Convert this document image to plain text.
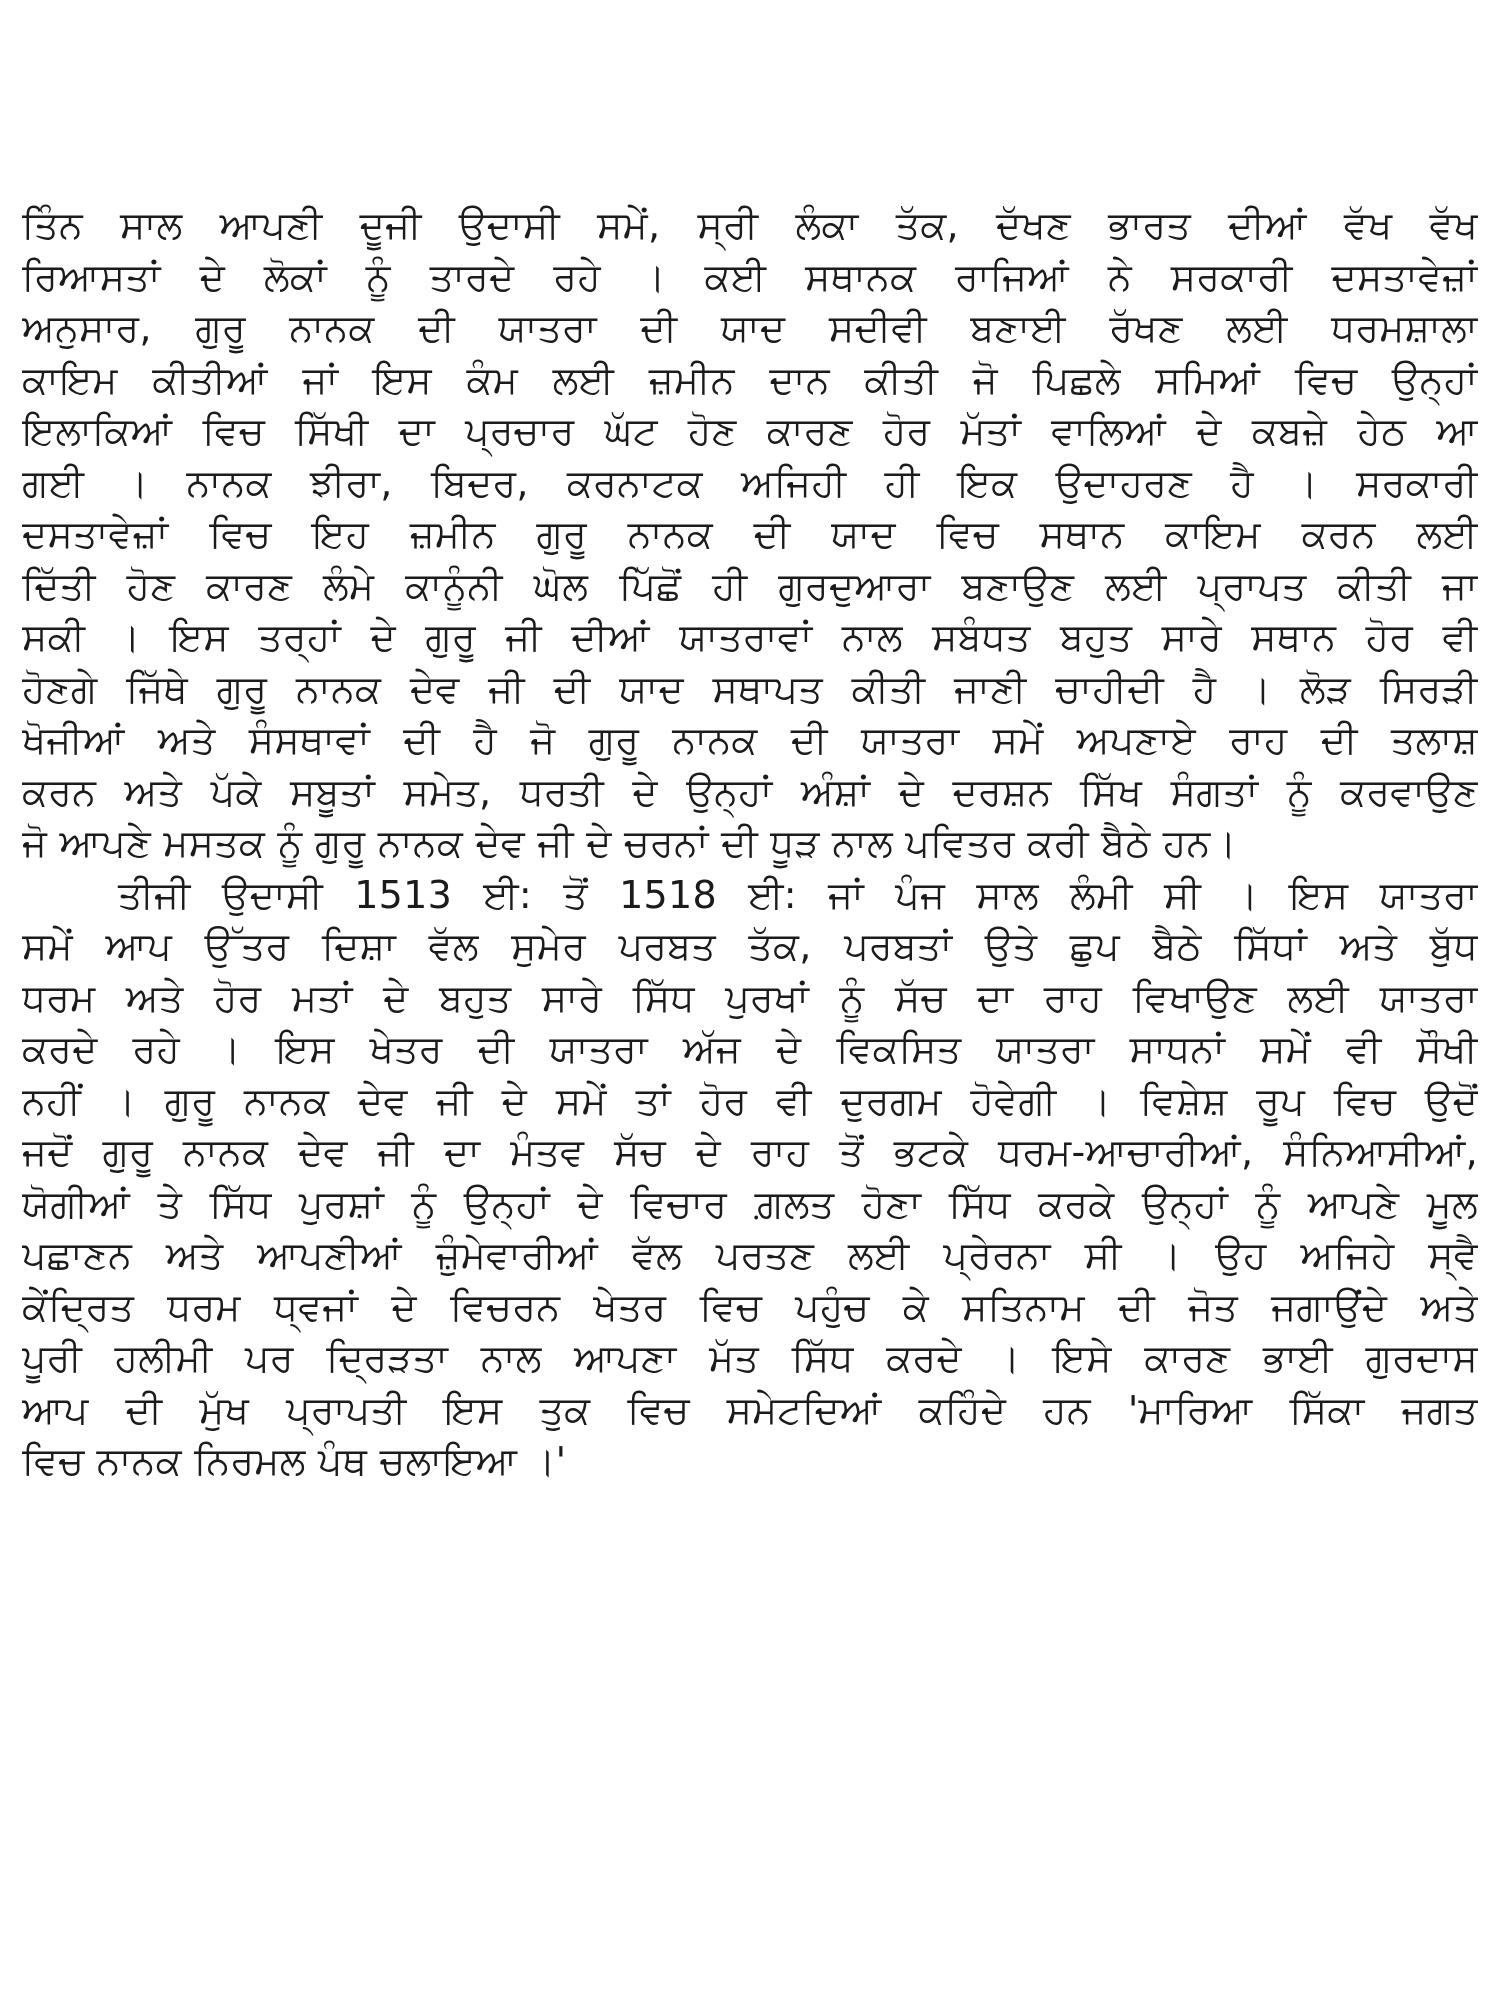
ਤਿੰਨ ਸਾਲ ਆਪਣੀ ਦੂਜੀ ਉਦਾਸੀ ਸਮੇਂ, ਸ੍ਰੀ ਲੰਕਾ ਤੱਕ, ਦੱਖਣ ਭਾਰਤ ਦੀਆਂ ਵੱਖ ਵੱਖ
ਰਿਆਸਤਾਂ ਦੇ ਲੋਕਾਂ ਨੂੰ ਤਾਰਦੇ ਰਹੇ । ਕਈ ਸਥਾਨਕ ਰਾਜਿਆਂ ਨੇ ਸਰਕਾਰੀ ਦਸਤਾਵੇਜ਼ਾਂ
ਅਨੁਸਾਰ, ਗੁਰੂ ਨਾਨਕ ਦੀ ਯਾਤਰਾ ਦੀ ਯਾਦ ਸਦੀਵੀ ਬਣਾਈ ਰੱਖਣ ਲਈ ਧਰਮਸ਼ਾਲਾ
ਕਾਇਮ ਕੀਤੀਆਂ ਜਾਂ ਇਸ ਕੰਮ ਲਈ ਜ਼ਮੀਨ ਦਾਨ ਕੀਤੀ ਜੋ ਪਿਛਲੇ ਸਮਿਆਂ ਵਿਚ ਉਨ੍ਹਾਂ
ਇਲਾਕਿਆਂ ਵਿਚ ਸਿੱਖੀ ਦਾ ਪ੍ਰਚਾਰ ਘੱਟ ਹੋਣ ਕਾਰਣ ਹੋਰ ਮੱਤਾਂ ਵਾਲਿਆਂ ਦੇ ਕਬਜ਼ੇ ਹੇਠ ਆ
ਗਈ । ਨਾਨਕ ਝੀਰਾ, ਬਿਦਰ, ਕਰਨਾਟਕ ਅਜਿਹੀ ਹੀ ਇਕ ਉਦਾਹਰਣ ਹੈ । ਸਰਕਾਰੀ
ਦਸਤਾਵੇਜ਼ਾਂ ਵਿਚ ਇਹ ਜ਼ਮੀਨ ਗੁਰੂ ਨਾਨਕ ਦੀ ਯਾਦ ਵਿਚ ਸਥਾਨ ਕਾਇਮ ਕਰਨ ਲਈ
ਦਿੱਤੀ ਹੋਣ ਕਾਰਣ ਲੰਮੇ ਕਾਨੂੰਨੀ ਘੋਲ ਪਿੱਛੋਂ ਹੀ ਗੁਰਦੁਆਰਾ ਬਣਾਉਣ ਲਈ ਪ੍ਰਾਪਤ ਕੀਤੀ ਜਾ
ਸਕੀ । ਇਸ ਤਰ੍ਹਾਂ ਦੇ ਗੁਰੂ ਜੀ ਦੀਆਂ ਯਾਤਰਾਵਾਂ ਨਾਲ ਸਬੰਧਤ ਬਹੁਤ ਸਾਰੇ ਸਥਾਨ ਹੋਰ ਵੀ
ਹੋਣਗੇ ਜਿੱਥੇ ਗੁਰੂ ਨਾਨਕ ਦੇਵ ਜੀ ਦੀ ਯਾਦ ਸਥਾਪਤ ਕੀਤੀ ਜਾਣੀ ਚਾਹੀਦੀ ਹੈ । ਲੋੜ ਸਿਰੜੀ
ਖੋਜੀਆਂ ਅਤੇ ਸੰਸਥਾਵਾਂ ਦੀ ਹੈ ਜੋ ਗੁਰੂ ਨਾਨਕ ਦੀ ਯਾਤਰਾ ਸਮੇਂ ਅਪਣਾਏ ਰਾਹ ਦੀ ਤਲਾਸ਼
ਕਰਨ ਅਤੇ ਪੱਕੇ ਸਬੂਤਾਂ ਸਮੇਤ, ਧਰਤੀ ਦੇ ਉਨ੍ਹਾਂ ਅੰਸ਼ਾਂ ਦੇ ਦਰਸ਼ਨ ਸਿੱਖ ਸੰਗਤਾਂ ਨੂੰ ਕਰਵਾਉਣ
ਜੋ ਆਪਣੇ ਮਸਤਕ ਨੂੰ ਗੁਰੂ ਨਾਨਕ ਦੇਵ ਜੀ ਦੇ ਚਰਨਾਂ ਦੀ ਧੂੜ ਨਾਲ ਪਵਿਤਰ ਕਰੀ ਬੈਠੇ ਹਨ।
ਤੀਜੀ ਉਦਾਸੀ 1513 ਈ: ਤੋਂ 1518 ਈ: ਜਾਂ ਪੰਜ ਸਾਲ ਲੰਮੀ ਸੀ । ਇਸ ਯਾਤਰਾ
ਸਮੇਂ ਆਪ ਉੱਤਰ ਦਿਸ਼ਾ ਵੱਲ ਸੁਮੇਰ ਪਰਬਤ ਤੱਕ, ਪਰਬਤਾਂ ਉਤੇ ਛੁਪ ਬੈਠੇ ਸਿੱਧਾਂ ਅਤੇ ਬੁੱਧ
ਧਰਮ ਅਤੇ ਹੋਰ ਮਤਾਂ ਦੇ ਬਹੁਤ ਸਾਰੇ ਸਿੱਧ ਪੁਰਖਾਂ ਨੂੰ ਸੱਚ ਦਾ ਰਾਹ ਵਿਖਾਉਣ ਲਈ ਯਾਤਰਾ
ਕਰਦੇ ਰਹੇ । ਇਸ ਖੇਤਰ ਦੀ ਯਾਤਰਾ ਅੱਜ ਦੇ ਵਿਕਸਿਤ ਯਾਤਰਾ ਸਾਧਨਾਂ ਸਮੇਂ ਵੀ ਸੌਖੀ
ਨਹੀਂ । ਗੁਰੂ ਨਾਨਕ ਦੇਵ ਜੀ ਦੇ ਸਮੇਂ ਤਾਂ ਹੋਰ ਵੀ ਦੁਰਗਮ ਹੋਵੇਗੀ । ਵਿਸ਼ੇਸ਼ ਰੂਪ ਵਿਚ ਉਦੋਂ
ਜਦੋਂ ਗੁਰੂ ਨਾਨਕ ਦੇਵ ਜੀ ਦਾ ਮੰਤਵ ਸੱਚ ਦੇ ਰਾਹ ਤੋਂ ਭਟਕੇ ਧਰਮ-ਆਚਾਰੀਆਂ, ਸੰਨਿਆਸੀਆਂ,
ਯੋਗੀਆਂ ਤੇ ਸਿੱਧ ਪੁਰਸ਼ਾਂ ਨੂੰ ਉਨ੍ਹਾਂ ਦੇ ਵਿਚਾਰ ਗ਼ਲਤ ਹੋਣਾ ਸਿੱਧ ਕਰਕੇ ਉਨ੍ਹਾਂ ਨੂੰ ਆਪਣੇ ਮੂਲ
ਪਛਾਣਨ ਅਤੇ ਆਪਣੀਆਂ ਜ਼ੁੰਮੇਵਾਰੀਆਂ ਵੱਲ ਪਰਤਣ ਲਈ ਪ੍ਰੇਰਨਾ ਸੀ । ਉਹ ਅਜਿਹੇ ਸ੍ਵੈ
ਕੇਂਦ੍ਰਿਤ ਧਰਮ ਧ੍ਵਜਾਂ ਦੇ ਵਿਚਰਨ ਖੇਤਰ ਵਿਚ ਪਹੁੰਚ ਕੇ ਸਤਿਨਾਮ ਦੀ ਜੋਤ ਜਗਾਉਂਦੇ ਅਤੇ
ਪੂਰੀ ਹਲੀਮੀ ਪਰ ਦ੍ਰਿੜਤਾ ਨਾਲ ਆਪਣਾ ਮੱਤ ਸਿੱਧ ਕਰਦੇ । ਇਸੇ ਕਾਰਣ ਭਾਈ ਗੁਰਦਾਸ
ਆਪ ਦੀ ਮੁੱਖ ਪ੍ਰਾਪਤੀ ਇਸ ਤੁਕ ਵਿਚ ਸਮੇਟਦਿਆਂ ਕਹਿੰਦੇ ਹਨ 'ਮਾਰਿਆ ਸਿੱਕਾ ਜਗਤ
ਵਿਚ ਨਾਨਕ ਨਿਰਮਲ ਪੰਥ ਚਲਾਇਆ ।'
